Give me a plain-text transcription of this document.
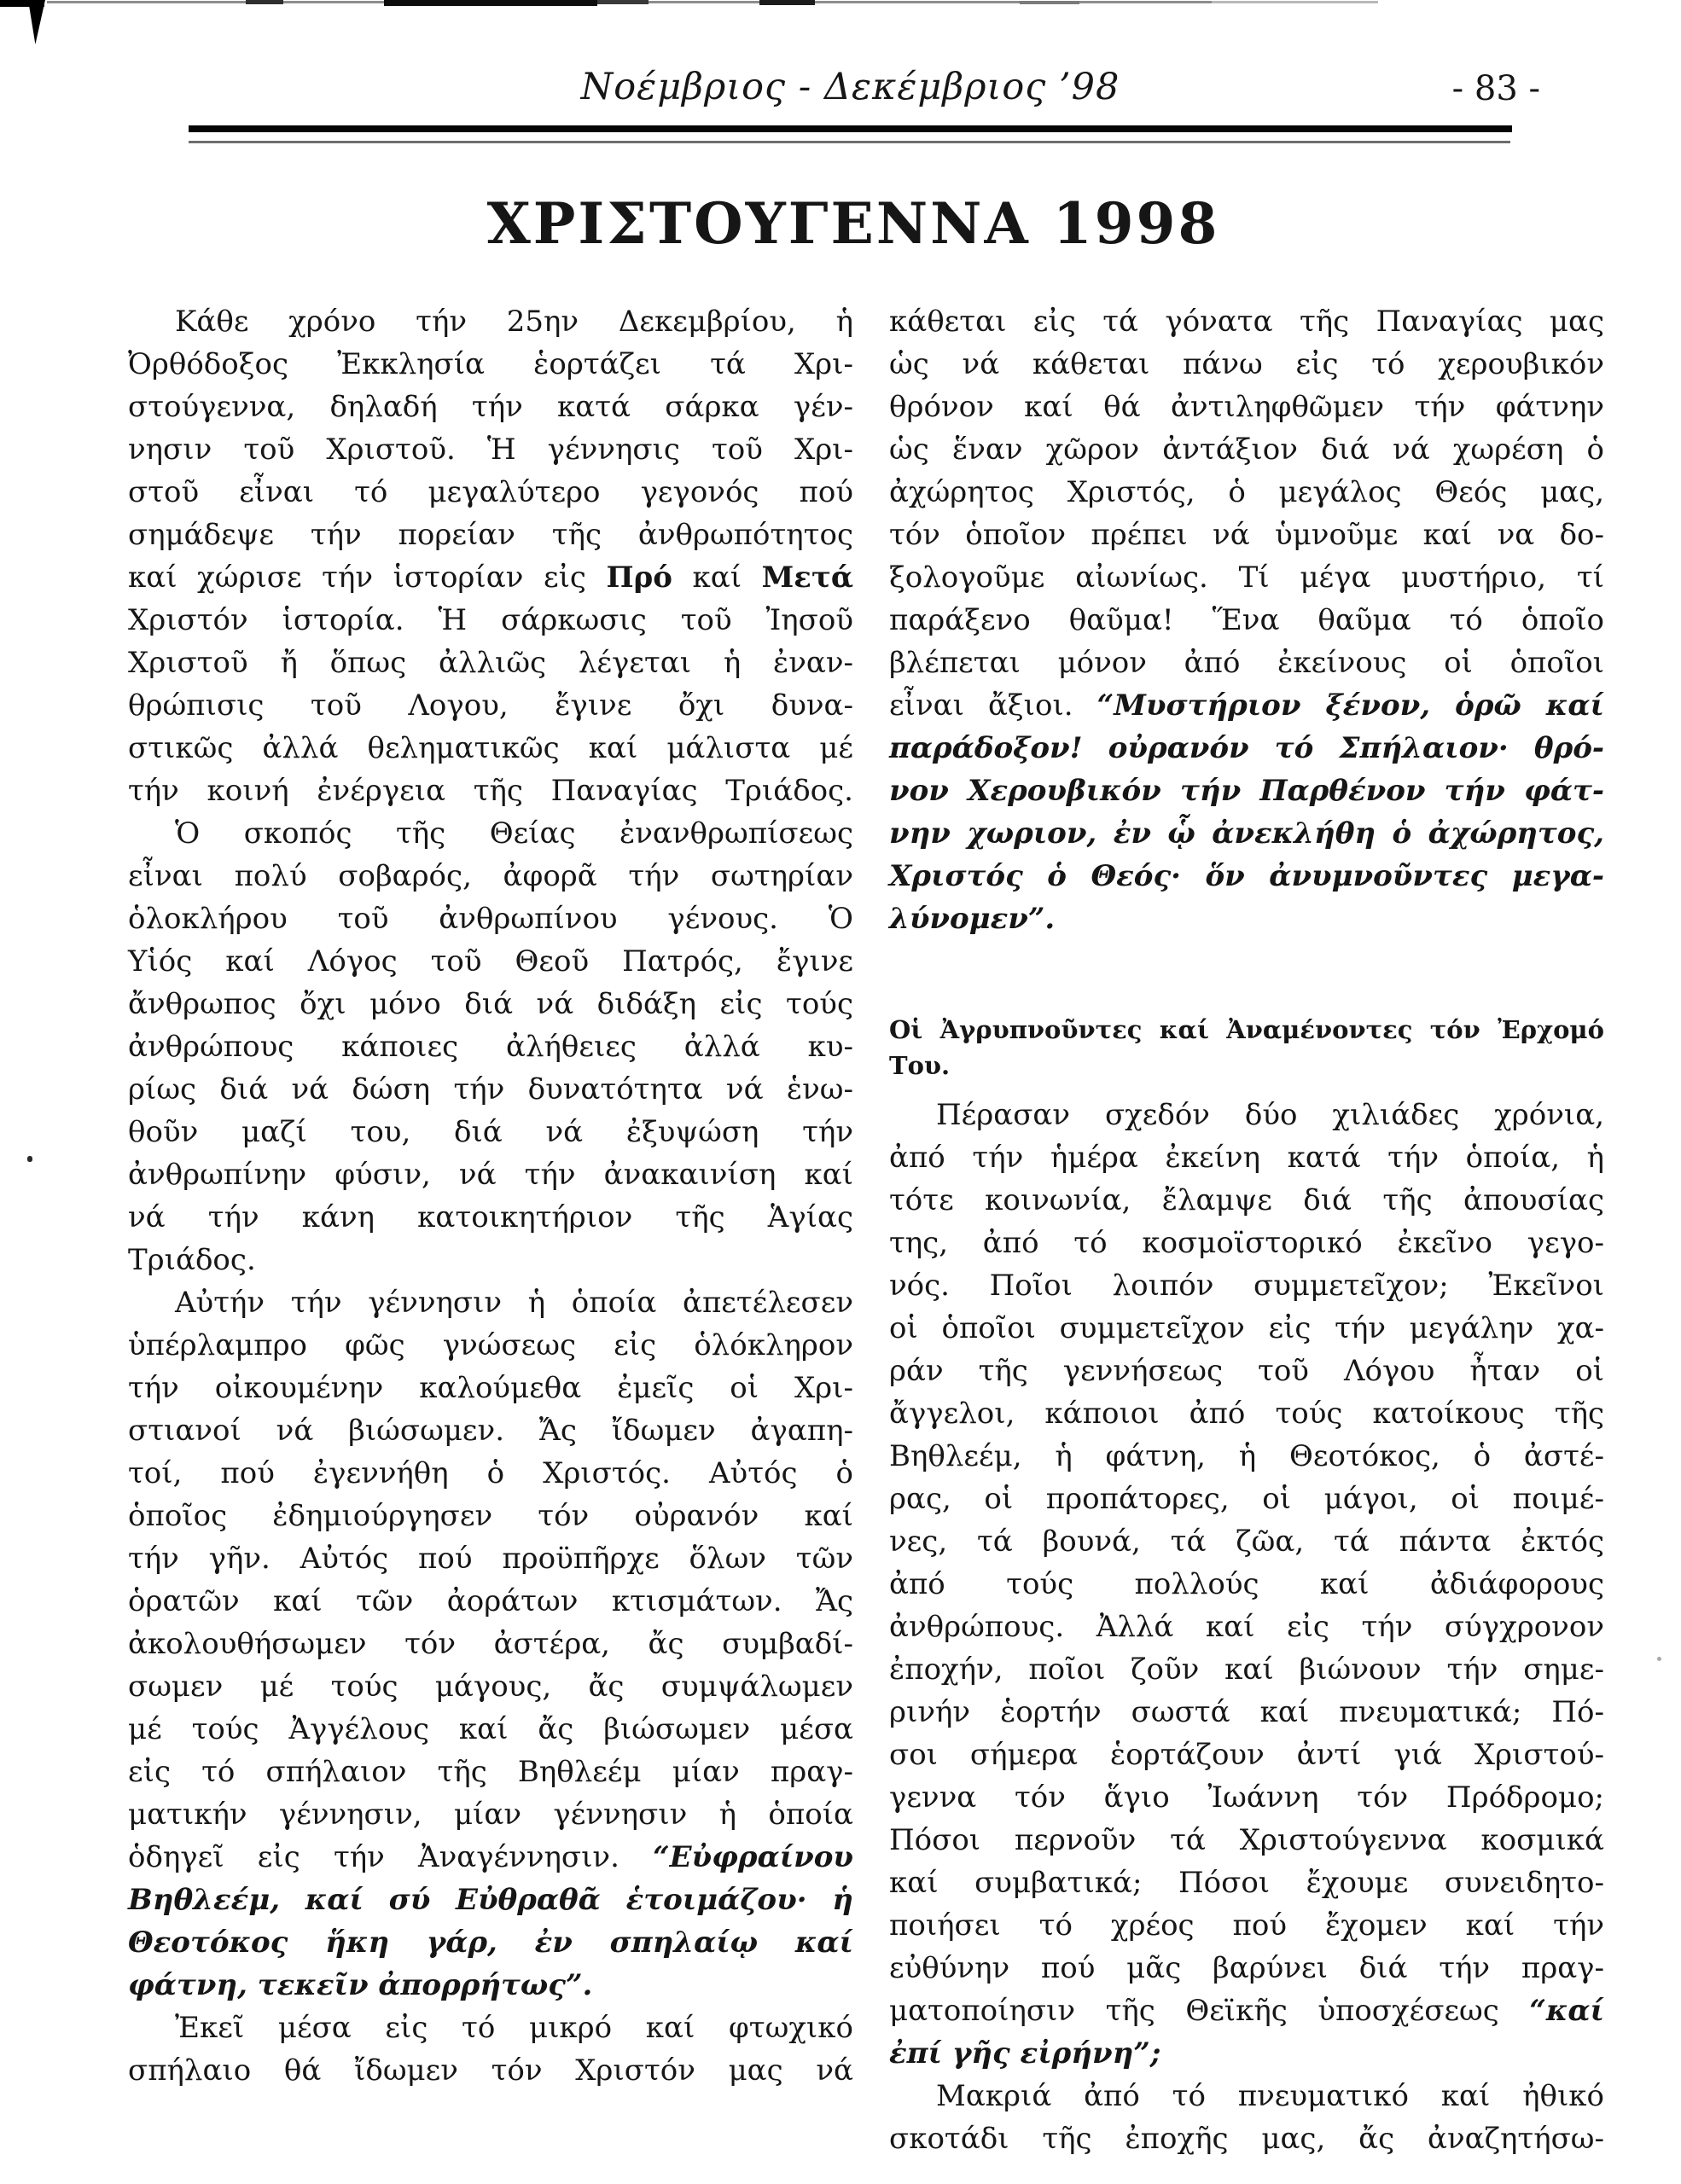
Νοέμβριος - Δεκέμβριος ’98	- 83 -
ΧΡΙΣΤΟΥΓΕΝΝΑ 1998
Κάθε χρόνο τήν 25ην Δεκεμβρίου, ἡ
Ὀρθόδοξος Ἐκκλησία ἑορτάζει τά Χρι-
στούγεννα, δηλαδή τήν κατά σάρκα γέν-
νησιν τοῦ Χριστοῦ. Ἡ γέννησις τοῦ Χρι-
στοῦ εἶναι τό μεγαλύτερο γεγονός πού
σημάδεψε τήν πορείαν τῆς ἀνθρωπότητος
καί χώρισε τήν ἱστορίαν εἰς Πρό καί Μετά
Χριστόν ἱστορία. Ἡ σάρκωσις τοῦ Ἰησοῦ
Χριστοῦ ἤ ὅπως ἀλλιῶς λέγεται ἡ ἐναν-
θρώπισις τοῦ Λογου, ἔγινε ὄχι δυνα-
στικῶς ἀλλά θεληματικῶς καί μάλιστα μέ
τήν κοινή ἐνέργεια τῆς Παναγίας Τριάδος.
Ὁ σκοπός τῆς Θείας ἐνανθρωπίσεως
εἶναι πολύ σοβαρός, ἀφορᾶ τήν σωτηρίαν
ὁλοκλήρου τοῦ ἀνθρωπίνου γένους. Ὁ
Υἱός καί Λόγος τοῦ Θεοῦ Πατρός, ἔγινε
ἄνθρωπος ὄχι μόνο διά νά διδάξη εἰς τούς
ἀνθρώπους κάποιες ἀλήθειες ἀλλά κυ-
ρίως διά νά δώση τήν δυνατότητα νά ἑνω-
θοῦν μαζί του, διά νά ἐξυψώση τήν
ἀνθρωπίνην φύσιν, νά τήν ἀνακαινίση καί
νά τήν κάνη κατοικητήριον τῆς Ἁγίας
Τριάδος.
Αὐτήν τήν γέννησιν ἡ ὁποία ἀπετέλεσεν
ὑπέρλαμπρο φῶς γνώσεως εἰς ὁλόκληρον
τήν οἰκουμένην καλούμεθα ἐμεῖς οἱ Χρι-
στιανοί νά βιώσωμεν. Ἄς ἴδωμεν ἀγαπη-
τοί, πού ἐγεννήθη ὁ Χριστός. Αὐτός ὁ
ὁποῖος ἐδημιούργησεν τόν οὐρανόν καί
τήν γῆν. Αὐτός πού προϋπῆρχε ὅλων τῶν
ὁρατῶν καί τῶν ἀοράτων κτισμάτων. Ἄς
ἀκολουθήσωμεν τόν ἀστέρα, ἄς συμβαδί-
σωμεν μέ τούς μάγους, ἄς συμψάλωμεν
μέ τούς Ἀγγέλους καί ἄς βιώσωμεν μέσα
εἰς τό σπήλαιον τῆς Βηθλεέμ μίαν πραγ-
ματικήν γέννησιν, μίαν γέννησιν ἡ ὁποία
ὁδηγεῖ εἰς τήν Ἀναγέννησιν. “Εὐφραίνου
Βηθλεέμ, καί σύ Εὐθραθᾶ ἑτοιμάζου· ἡ
Θεοτόκος ἥκη γάρ, ἐν σπηλαίῳ καί
φάτνη, τεκεῖν ἀπορρήτως”.
Ἐκεῖ μέσα εἰς τό μικρό καί φτωχικό
σπήλαιο θά ἴδωμεν τόν Χριστόν μας νά
κάθεται εἰς τά γόνατα τῆς Παναγίας μας
ὡς νά κάθεται πάνω εἰς τό χερουβικόν
θρόνον καί θά ἀντιληφθῶμεν τήν φάτνην
ὡς ἕναν χῶρον ἀντάξιον διά νά χωρέση ὁ
ἀχώρητος Χριστός, ὁ μεγάλος Θεός μας,
τόν ὁποῖον πρέπει νά ὑμνοῦμε καί να δο-
ξολογοῦμε αἰωνίως. Τί μέγα μυστήριο, τί
παράξενο θαῦμα! Ἕνα θαῦμα τό ὁποῖο
βλέπεται μόνον ἀπό ἐκείνους οἱ ὁποῖοι
εἶναι ἄξιοι. “Μυστήριον ξένον, ὁρῶ καί
παράδοξον! οὐρανόν τό Σπήλαιον· θρό-
νον Χερουβικόν τήν Παρθένον τήν φάτ-
νην χωριον, ἐν ᾧ ἀνεκλήθη ὁ ἀχώρητος,
Χριστός ὁ Θεός· ὅν ἀνυμνοῦντες μεγα-
λύνομεν”.
Οἱ Ἀγρυπνοῦντες καί Ἀναμένοντες τόν Ἐρχομό Του.
Πέρασαν σχεδόν δύο χιλιάδες χρόνια,
ἀπό τήν ἡμέρα ἐκείνη κατά τήν ὁποία, ἡ
τότε κοινωνία, ἔλαμψε διά τῆς ἀπουσίας
της, ἀπό τό κοσμοϊστορικό ἐκεῖνο γεγο-
νός. Ποῖοι λοιπόν συμμετεῖχον; Ἐκεῖνοι
οἱ ὁποῖοι συμμετεῖχον εἰς τήν μεγάλην χα-
ράν τῆς γεννήσεως τοῦ Λόγου ἦταν οἱ
ἄγγελοι, κάποιοι ἀπό τούς κατοίκους τῆς
Βηθλεέμ, ἡ φάτνη, ἡ Θεοτόκος, ὁ ἀστέ-
ρας, οἱ προπάτορες, οἱ μάγοι, οἱ ποιμέ-
νες, τά βουνά, τά ζῶα, τά πάντα ἐκτός
ἀπό τούς πολλούς καί ἀδιάφορους
ἀνθρώπους. Ἀλλά καί εἰς τήν σύγχρονον
ἐποχήν, ποῖοι ζοῦν καί βιώνουν τήν σημε-
ρινήν ἑορτήν σωστά καί πνευματικά; Πό-
σοι σήμερα ἑορτάζουν ἀντί γιά Χριστού-
γεννα τόν ἅγιο Ἰωάννη τόν Πρόδρομο;
Πόσοι περνοῦν τά Χριστούγεννα κοσμικά
καί συμβατικά; Πόσοι ἔχουμε συνειδητο-
ποιήσει τό χρέος πού ἔχομεν καί τήν
εὐθύνην πού μᾶς βαρύνει διά τήν πραγ-
ματοποίησιν τῆς Θεϊκῆς ὑποσχέσεως “καί
ἐπί γῆς εἰρήνη”;
Μακριά ἀπό τό πνευματικό καί ἠθικό
σκοτάδι τῆς ἐποχῆς μας, ἄς ἀναζητήσω-
